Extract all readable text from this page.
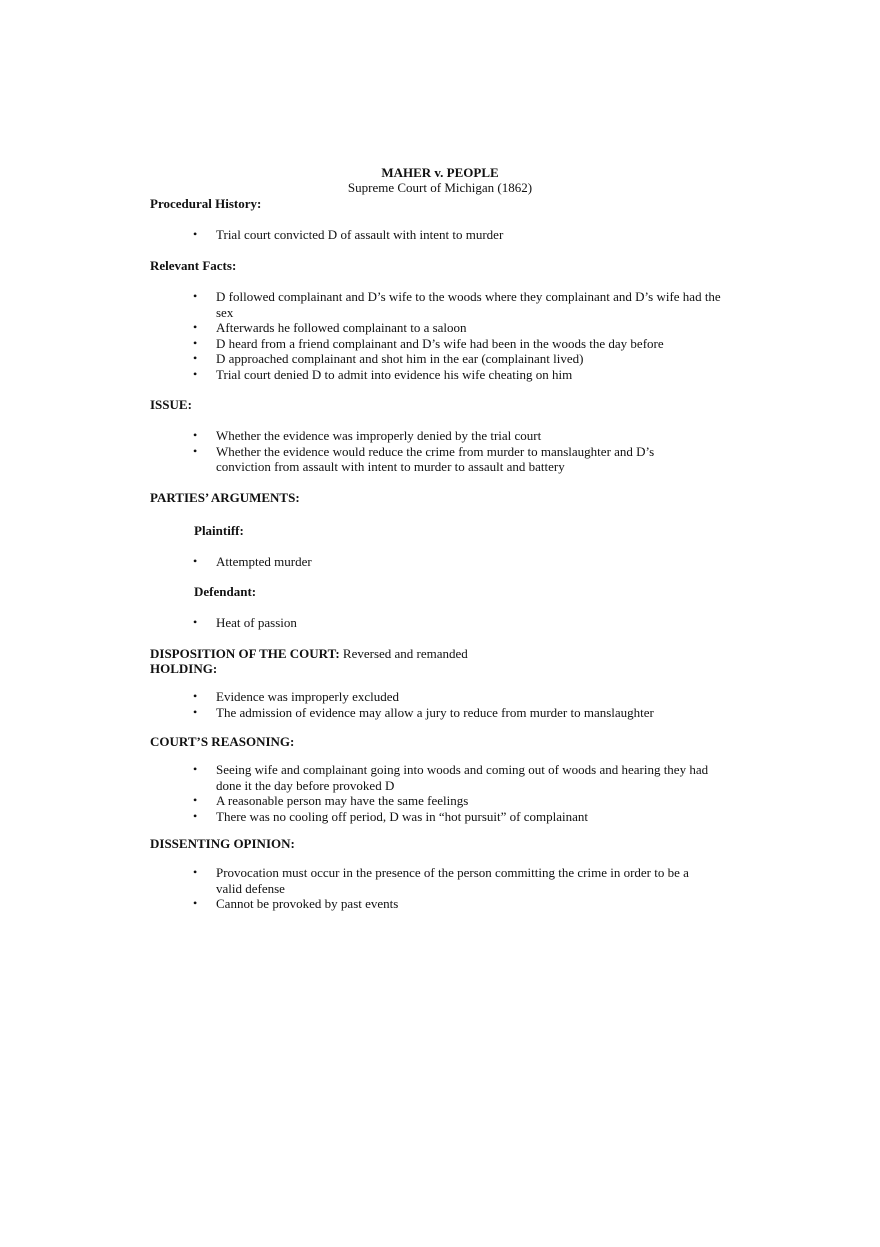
MAHER v. PEOPLE
Supreme Court of Michigan (1862)
Procedural History:
• Trial court convicted D of assault with intent to murder
Relevant Facts:
• D followed complainant and D’s wife to the woods where they complainant and D’s wife had the sex
• Afterwards he followed complainant to a saloon
• D heard from a friend complainant and D’s wife had been in the woods the day before
• D approached complainant and shot him in the ear (complainant lived)
• Trial court denied D to admit into evidence his wife cheating on him
ISSUE:
• Whether the evidence was improperly denied by the trial court
• Whether the evidence would reduce the crime from murder to manslaughter and D’s conviction from assault with intent to murder to assault and battery
PARTIES’ ARGUMENTS:
Plaintiff:
• Attempted murder
Defendant:
• Heat of passion
DISPOSITION OF THE COURT: Reversed and remanded
HOLDING:
• Evidence was improperly excluded
• The admission of evidence may allow a jury to reduce from murder to manslaughter
COURT’S REASONING:
• Seeing wife and complainant going into woods and coming out of woods and hearing they had done it the day before provoked D
• A reasonable person may have the same feelings
• There was no cooling off period, D was in “hot pursuit” of complainant
DISSENTING OPINION:
• Provocation must occur in the presence of the person committing the crime in order to be a valid defense
• Cannot be provoked by past events
